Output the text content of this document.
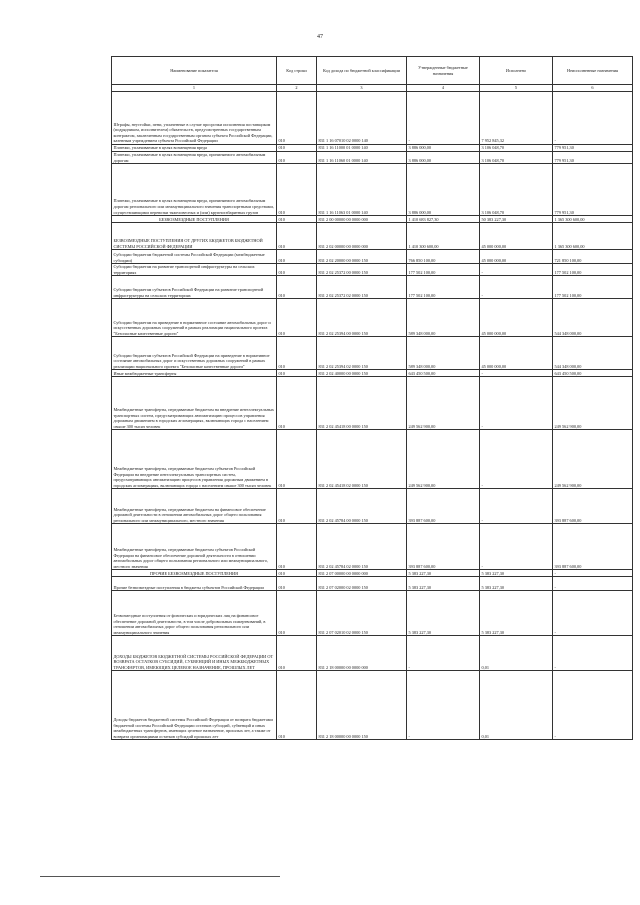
47
Наименование показателя	Код строки	Код дохода по бюджетной классификации	Утвержденные бюджетные назначения	Исполнено	Неисполненные назначения
1	2	3	4	5	6
Штрафы, неустойки, пени, уплаченные в случае просрочки исполнения поставщиком (подрядчиком, исполнителем) обязательств, предусмотренных государственным контрактом, заключенным государственным органом субъекта Российской Федерации, казенным учреждением субъекта Российской Федерации	010	831 1 16 07010 02 0000 140	-	7 952 845,32	-
Платежи, уплачиваемые в целях возмещения вреда	010	831 1 16 11000 01 0000 140	3 886 000,00	3 106 048,70	779 951,30
Платежи, уплачиваемые в целях возмещения вреда, причиняемого автомобильным дорогам	010	831 1 16 11060 01 0000 140	3 886 000,00	3 106 048,70	779 951,30
Платежи, уплачиваемые в целях возмещения вреда, причиняемого автомобильным дорогам регионального или межмуниципального значения транспортными средствами, осуществляющими перевозки тяжеловесных и (или) крупногабаритных грузов	010	831 1 16 11063 01 0000 140	3 886 000,00	3 106 048,70	779 951,30
БЕЗВОЗМЕЗДНЫЕ ПОСТУПЛЕНИЯ	010	831 2 00 00000 00 0000 000	1 410 683 827,30	50 383 227,30	1 365 300 600,00
БЕЗВОЗМЕЗДНЫЕ ПОСТУПЛЕНИЯ ОТ ДРУГИХ БЮДЖЕТОВ БЮДЖЕТНОЙ СИСТЕМЫ РОССИЙСКОЙ ФЕДЕРАЦИИ	010	831 2 02 00000 00 0000 000	1 410 300 600,00	45 000 000,00	1 365 300 600,00
Субсидии бюджетам бюджетной системы Российской Федерации (межбюджетные субсидии)	010	831 2 02 20000 00 0000 150	766 850 100,00	45 000 000,00	721 850 100,00
Субсидии бюджетам на развитие транспортной инфраструктуры на сельских территориях	010	831 2 02 25372 00 0000 150	177 502 100,00	-	177 502 100,00
Субсидии бюджетам субъектов Российской Федерации на развитие транспортной инфраструктуры на сельских территориях	010	831 2 02 25372 02 0000 150	177 502 100,00	-	177 502 100,00
Субсидии бюджетам на приведение в нормативное состояние автомобильных дорог и искусственных дорожных сооружений в рамках реализации национального проекта "Безопасные качественные дороги"	010	831 2 02 25394 00 0000 150	589 348 000,00	45 000 000,00	544 348 000,00
Субсидии бюджетам субъектов Российской Федерации на приведение в нормативное состояние автомобильных дорог и искусственных дорожных сооружений в рамках реализации национального проекта "Безопасные качественные дороги"	010	831 2 02 25394 02 0000 150	589 348 000,00	45 000 000,00	544 348 000,00
Иные межбюджетные трансферты	010	831 2 02 40000 00 0000 150	643 450 500,00	-	643 450 500,00
Межбюджетные трансферты, передаваемые бюджетам на внедрение интеллектуальных транспортных систем, предусматривающих автоматизацию процессов управления дорожным движением в городских агломерациях, включающих города с населением свыше 300 тысяч человек	010	831 2 02 45418 00 0000 150	249 562 900,00	-	249 562 900,00
Межбюджетные трансферты, передаваемые бюджетам субъектов Российской Федерации на внедрение интеллектуальных транспортных систем, предусматривающих автоматизацию процессов управления дорожным движением в городских агломерациях, включающих города с населением свыше 300 тысяч человек	010	831 2 02 45418 02 0000 150	249 562 900,00	-	249 562 900,00
Межбюджетные трансферты, передаваемые бюджетам на финансовое обеспечение дорожной деятельности в отношении автомобильных дорог общего пользования регионального или межмуниципального, местного значения	010	831 2 02 45784 00 0000 150	393 887 600,00	-	393 887 600,00
Межбюджетные трансферты, передаваемые бюджетам субъектов Российской Федерации на финансовое обеспечение дорожной деятельности в отношении автомобильных дорог общего пользования регионального или межмуниципального, местного значения	010	831 2 02 45784 02 0000 150	393 887 600,00	-	393 887 600,00
ПРОЧИЕ БЕЗВОЗМЕЗДНЫЕ ПОСТУПЛЕНИЯ	010	831 2 07 00000 00 0000 000	5 383 227,30	5 383 227,30	-
Прочие безвозмездные поступления в бюджеты субъектов Российской Федерации	010	831 2 07 02000 02 0000 150	5 383 227,30	5 383 227,30	-
Безвозмездные поступления от физических и юридических лиц на финансовое обеспечение дорожной деятельности, в том числе добровольных пожертвований, в отношении автомобильных дорог общего пользования регионального или межмуниципального значения	010	831 2 07 02010 02 0000 150	5 383 227,30	5 383 227,30	-
ДОХОДЫ БЮДЖЕТОВ БЮДЖЕТНОЙ СИСТЕМЫ РОССИЙСКОЙ ФЕДЕРАЦИИ ОТ ВОЗВРАТА ОСТАТКОВ СУБСИДИЙ, СУБВЕНЦИЙ И ИНЫХ МЕЖБЮДЖЕТНЫХ ТРАНСФЕРТОВ, ИМЕЮЩИХ ЦЕЛЕВОЕ НАЗНАЧЕНИЕ, ПРОШЛЫХ ЛЕТ	010	831 2 18 00000 00 0000 000	-	0,01	-
Доходы бюджетов бюджетной системы Российской Федерации от возврата бюджетами бюджетной системы Российской Федерации остатков субсидий, субвенций и иных межбюджетных трансфертов, имеющих целевое назначение, прошлых лет, а также от возврата организациями остатков субсидий прошлых лет	010	831 2 18 00000 00 0000 150	-	0,01	-
